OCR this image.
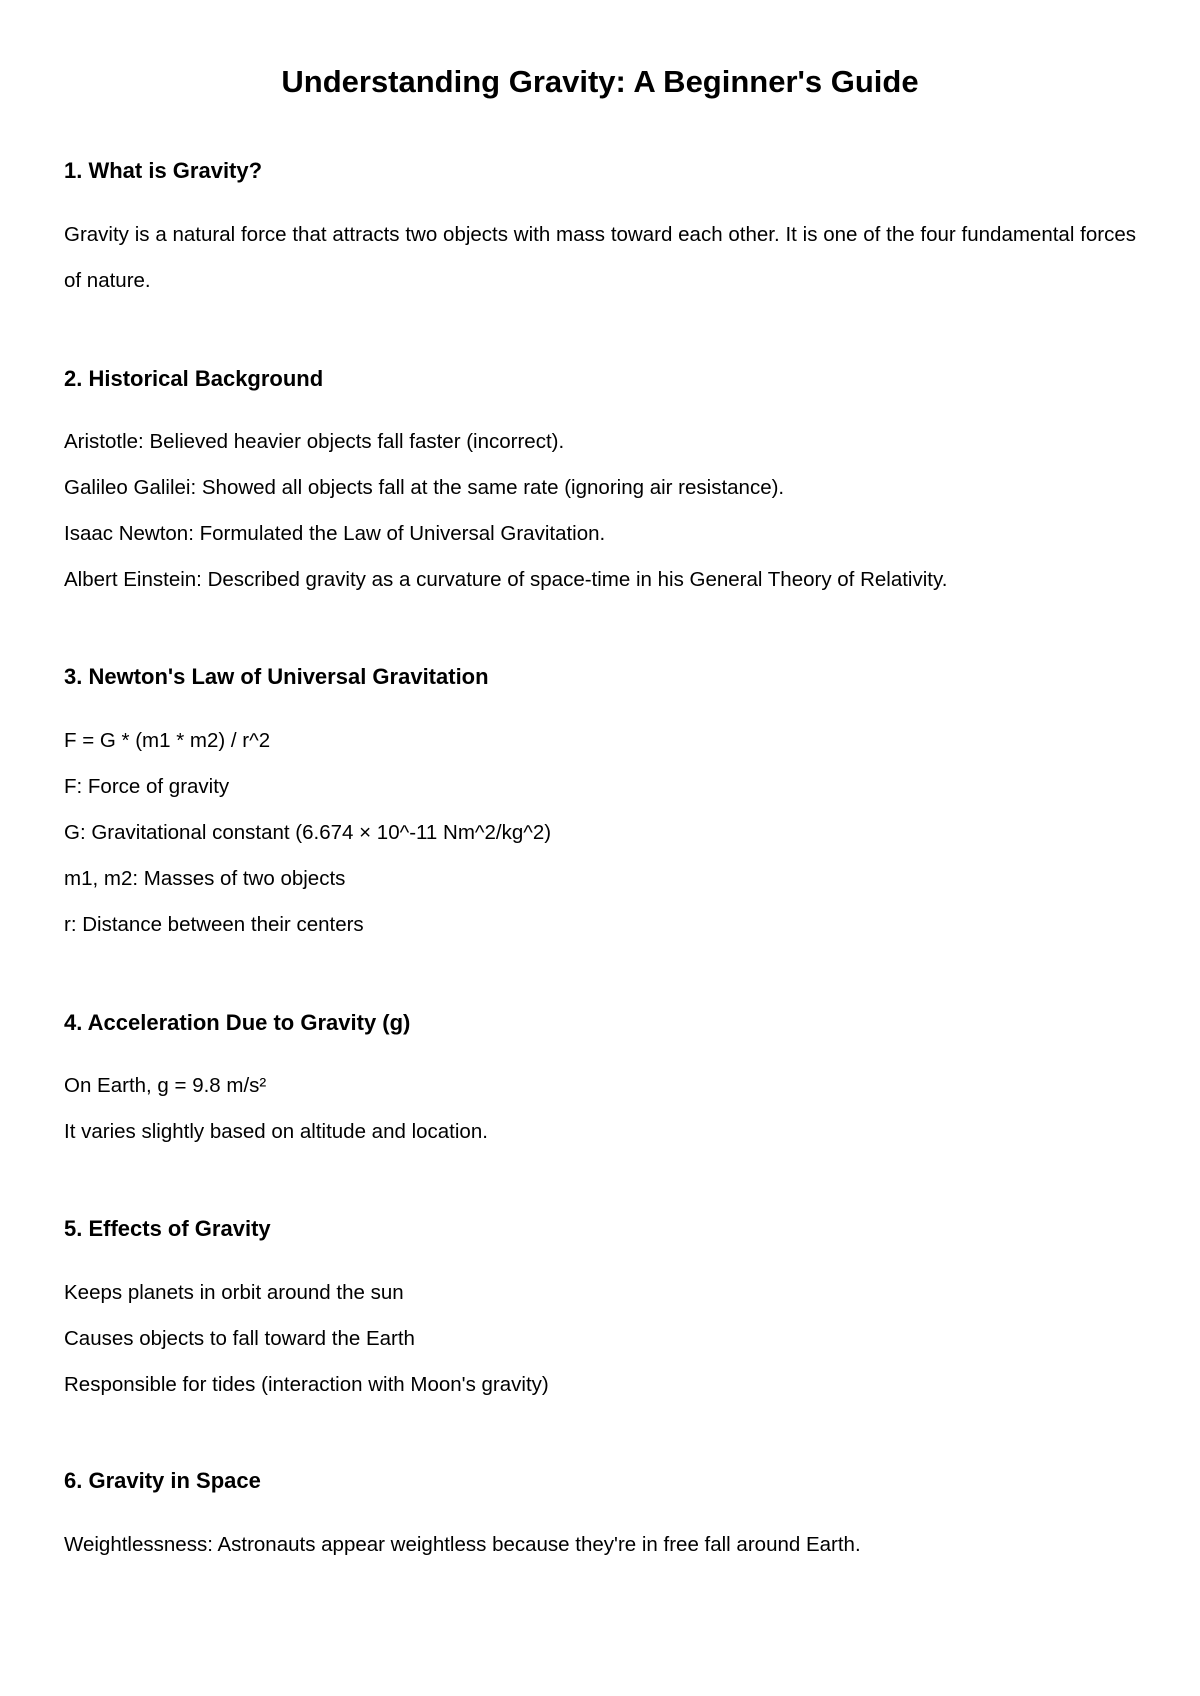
Understanding Gravity: A Beginner's Guide
1. What is Gravity?

Gravity is a natural force that attracts two objects with mass toward each other. It is one of the four fundamental forces of nature.

2. Historical Background

Aristotle: Believed heavier objects fall faster (incorrect).

Galileo Galilei: Showed all objects fall at the same rate (ignoring air resistance).

Isaac Newton: Formulated the Law of Universal Gravitation.

Albert Einstein: Described gravity as a curvature of space-time in his General Theory of Relativity.

3. Newton's Law of Universal Gravitation

F = G * (m1 * m2) / r^2

F: Force of gravity

G: Gravitational constant (6.674 × 10^-11 Nm^2/kg^2)

m1, m2: Masses of two objects

r: Distance between their centers

4. Acceleration Due to Gravity (g)

On Earth, g = 9.8 m/s²

It varies slightly based on altitude and location.

5. Effects of Gravity

Keeps planets in orbit around the sun

Causes objects to fall toward the Earth

Responsible for tides (interaction with Moon's gravity)

6. Gravity in Space

Weightlessness: Astronauts appear weightless because they're in free fall around Earth.
